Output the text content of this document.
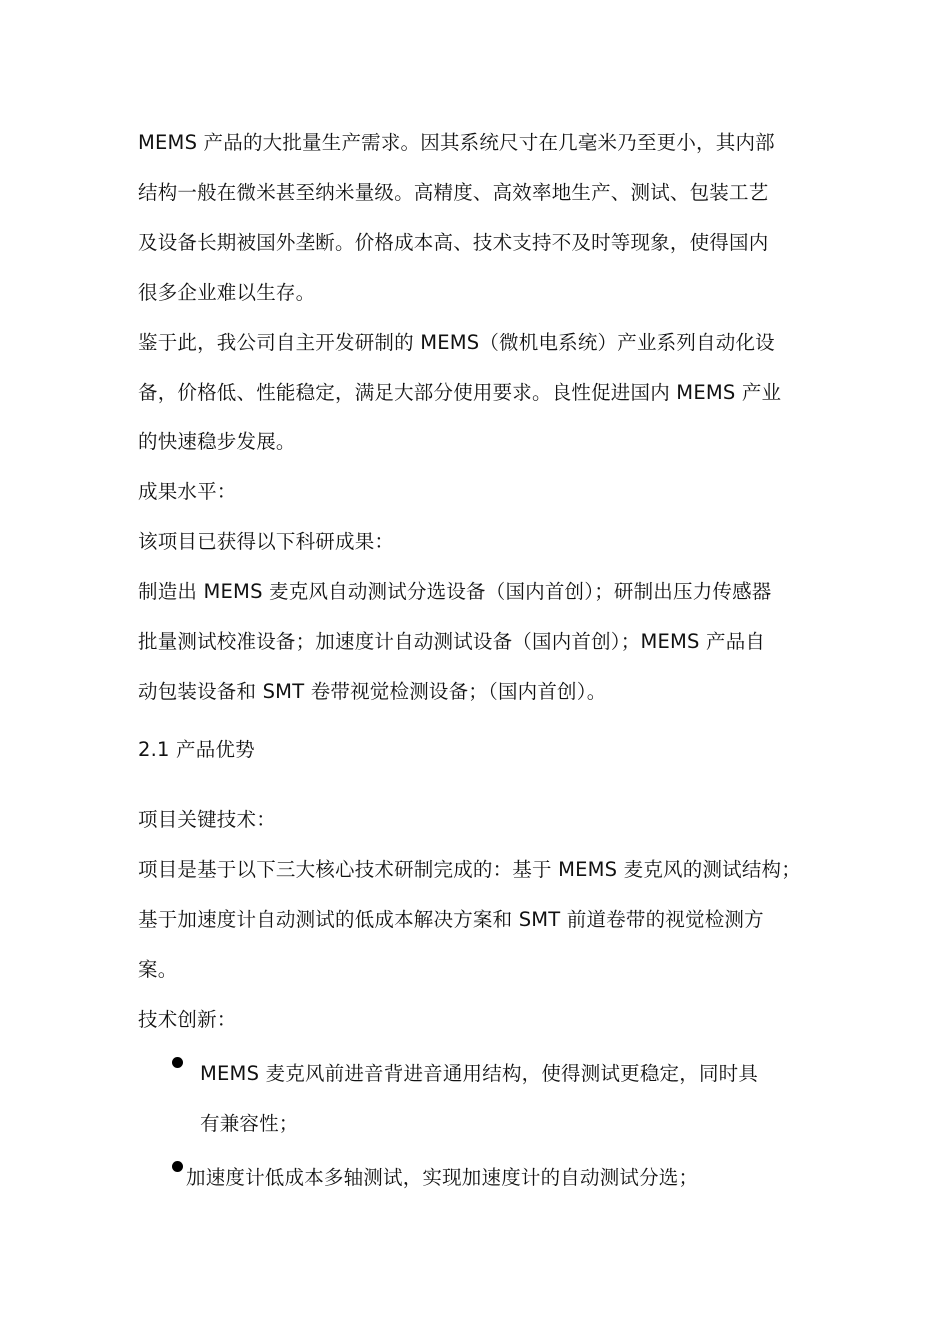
MEMS 产品的大批量生产需求。因其系统尺寸在几毫米乃至更小，其内部
结构一般在微米甚至纳米量级。高精度、高效率地生产、测试、包装工艺
及设备长期被国外垄断。价格成本高、技术支持不及时等现象，使得国内
很多企业难以生存。
鉴于此，我公司自主开发研制的 MEMS（微机电系统）产业系列自动化设
备，价格低、性能稳定，满足大部分使用要求。良性促进国内 MEMS 产业
的快速稳步发展。
成果水平：
该项目已获得以下科研成果：
制造出 MEMS 麦克风自动测试分选设备（国内首创）；研制出压力传感器
批量测试校准设备；加速度计自动测试设备（国内首创）；MEMS 产品自
动包装设备和 SMT 卷带视觉检测设备；（国内首创）。
2.1 产品优势
项目关键技术：
项目是基于以下三大核心技术研制完成的：基于 MEMS 麦克风的测试结构；
基于加速度计自动测试的低成本解决方案和 SMT 前道卷带的视觉检测方
案。
技术创新：
MEMS 麦克风前进音背进音通用结构，使得测试更稳定，同时具
有兼容性；
加速度计低成本多轴测试，实现加速度计的自动测试分选；
